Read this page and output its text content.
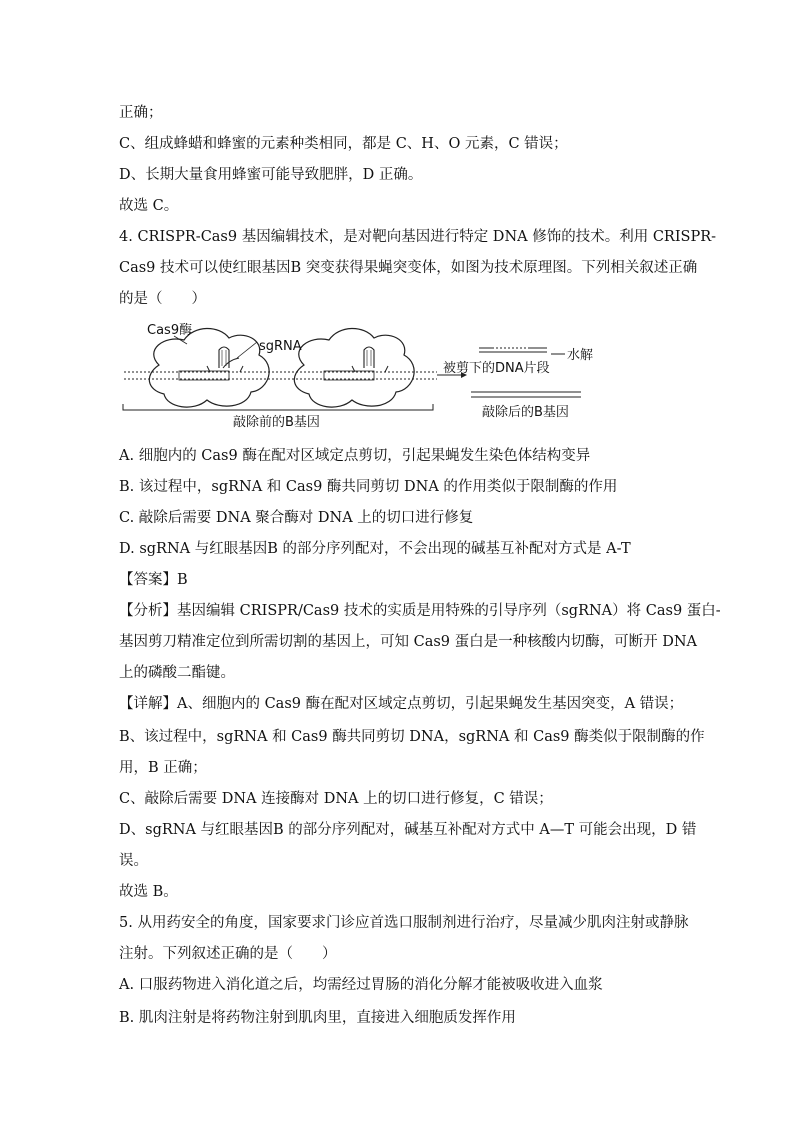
正确；
C、组成蜂蜡和蜂蜜的元素种类相同，都是 C、H、O 元素，C 错误；
D、长期大量食用蜂蜜可能导致肥胖，D 正确。
故选 C。
4. CRISPR-Cas9 基因编辑技术，是对靶向基因进行特定 DNA 修饰的技术。利用 CRISPR-
Cas9 技术可以使红眼基因B 突变获得果蝇突变体，如图为技术原理图。下列相关叙述正确
的是（　　）
Cas9酶
sgRNA
被剪下的DNA片段
水解
敲除前的B基因
敲除后的B基因
A. 细胞内的 Cas9 酶在配对区域定点剪切，引起果蝇发生染色体结构变异
B. 该过程中，sgRNA 和 Cas9 酶共同剪切 DNA 的作用类似于限制酶的作用
C. 敲除后需要 DNA 聚合酶对 DNA 上的切口进行修复
D. sgRNA 与红眼基因B 的部分序列配对，不会出现的碱基互补配对方式是 A-T
【答案】B
【分析】基因编辑 CRISPR/Cas9 技术的实质是用特殊的引导序列（sgRNA）将 Cas9 蛋白-
基因剪刀精准定位到所需切割的基因上，可知 Cas9 蛋白是一种核酸内切酶，可断开 DNA
上的磷酸二酯键。
【详解】A、细胞内的 Cas9 酶在配对区域定点剪切，引起果蝇发生基因突变，A 错误；
B、该过程中，sgRNA 和 Cas9 酶共同剪切 DNA，sgRNA 和 Cas9 酶类似于限制酶的作
用，B 正确；
C、敲除后需要 DNA 连接酶对 DNA 上的切口进行修复，C 错误；
D、sgRNA 与红眼基因B 的部分序列配对，碱基互补配对方式中 A—T 可能会出现，D 错
误。
故选 B。
5. 从用药安全的角度，国家要求门诊应首选口服制剂进行治疗，尽量减少肌肉注射或静脉
注射。下列叙述正确的是（　　）
A. 口服药物进入消化道之后，均需经过胃肠的消化分解才能被吸收进入血浆
B. 肌肉注射是将药物注射到肌肉里，直接进入细胞质发挥作用
